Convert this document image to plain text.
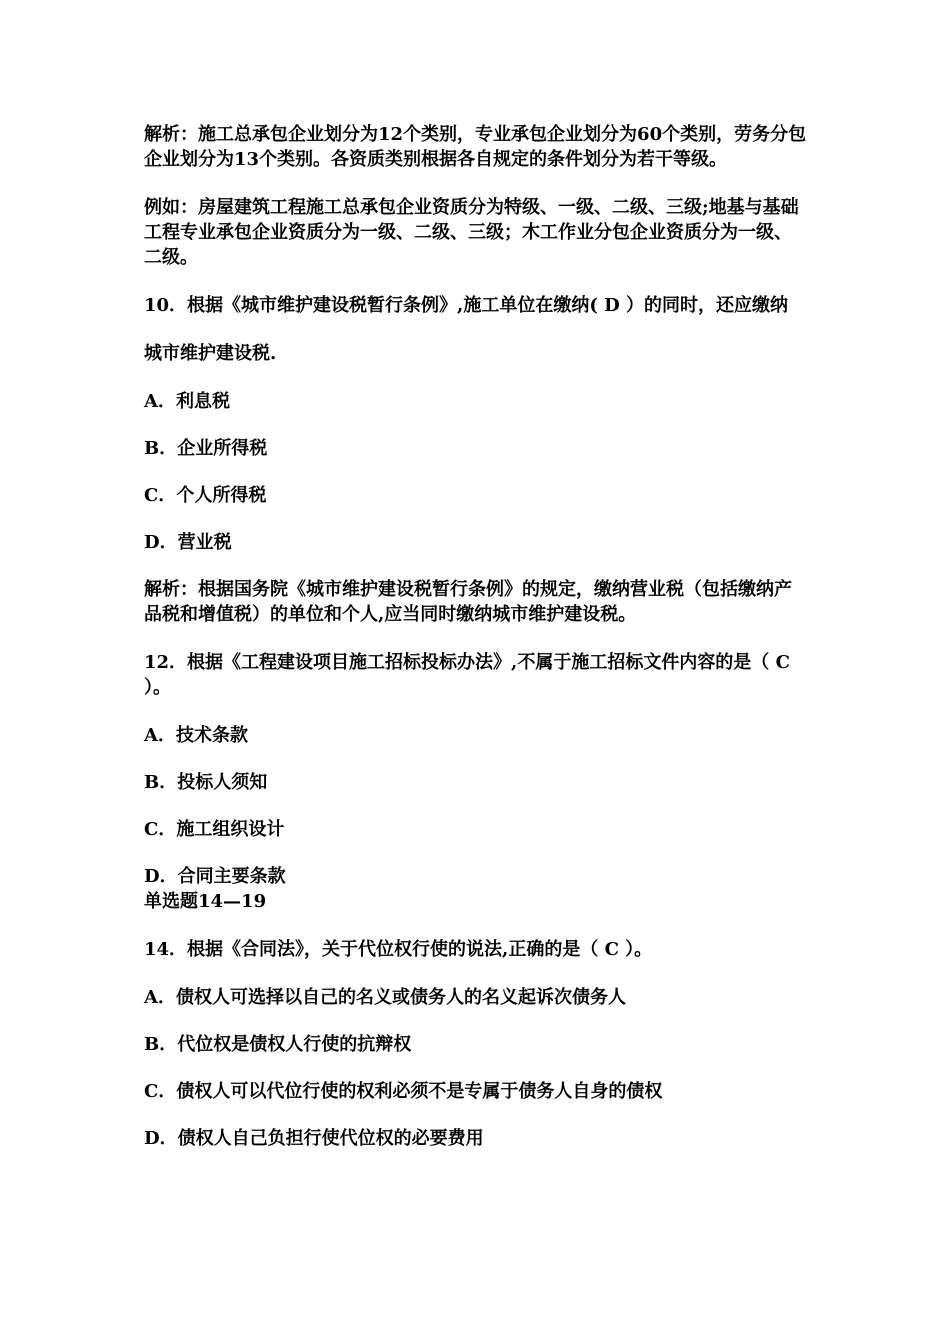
解析：施工总承包企业划分为12个类别，专业承包企业划分为60个类别，劳务分包企业划分为13个类别。各资质类别根据各自规定的条件划分为若干等级。

例如：房屋建筑工程施工总承包企业资质分为特级、一级、二级、三级;地基与基础工程专业承包企业资质分为一级、二级、三级；木工作业分包企业资质分为一级、二级。

10．根据《城市维护建设税暂行条例》,施工单位在缴纳( D ）的同时，还应缴纳

城市维护建设税.

A．利息税

B．企业所得税

C．个人所得税

D．营业税

解析：根据国务院《城市维护建设税暂行条例》的规定，缴纳营业税（包括缴纳产品税和增值税）的单位和个人,应当同时缴纳城市维护建设税。

12．根据《工程建设项目施工招标投标办法》,不属于施工招标文件内容的是（ C ）。

A．技术条款

B．投标人须知

C．施工组织设计

D．合同主要条款

单选题14—19

14．根据《合同法》，关于代位权行使的说法,正确的是（ C ）。

A．债权人可选择以自己的名义或债务人的名义起诉次债务人

B．代位权是债权人行使的抗辩权

C．债权人可以代位行使的权利必须不是专属于债务人自身的债权

D．债权人自己负担行使代位权的必要费用
